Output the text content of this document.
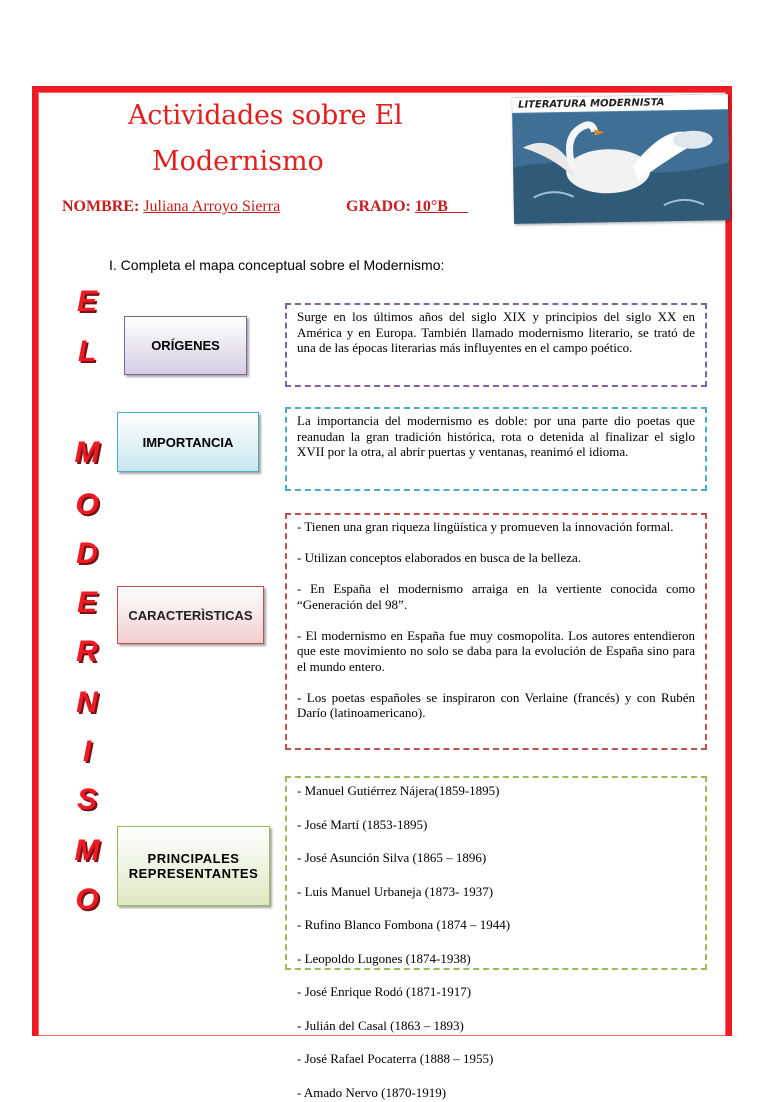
Actividades sobre El
Modernismo
NOMBRE: Juliana Arroyo Sierra	GRADO: 10°B
LITERATURA MODERNISTA
I. Completa el mapa conceptual sobre el Modernismo:
E
L
M
O
D
E
R
N
I
S
M
O
ORÍGENES

Surge en los últimos años del siglo XIX y principios del siglo XX en América y en Europa. También llamado modernismo literario, se trató de una de las épocas literarias más influyentes en el campo poético.

IMPORTANCIA

La importancia del modernismo es doble: por una parte dio poetas que reanudan la gran tradición histórica, rota o detenida al finalizar el siglo XVII por la otra, al abrir puertas y ventanas, reanimó el idioma.

CARACTERÌSTICAS

- Tienen una gran riqueza lingüística y promueven la innovación formal.

- Utilizan conceptos elaborados en busca de la belleza.

- En España el modernismo arraiga en la vertiente conocida como “Generación del 98”.

- El modernismo en España fue muy cosmopolita. Los autores entendieron que este movimiento no solo se daba para la evolución de España sino para el mundo entero.

- Los poetas españoles se inspiraron con Verlaine (francés) y con Rubén Darío (latinoamericano).

PRINCIPALES REPRESENTANTES

- Manuel Gutiérrez Nájera(1859-1895)

- José Martí (1853-1895)

- José Asunción Silva (1865 – 1896)

- Luis Manuel Urbaneja (1873- 1937)

- Rufino Blanco Fombona (1874 – 1944)

- Leopoldo Lugones (1874-1938)

- José Enrique Rodó (1871-1917)

- Julián del Casal (1863 – 1893)

- José Rafael Pocaterra (1888 – 1955)

- Amado Nervo (1870-1919)
